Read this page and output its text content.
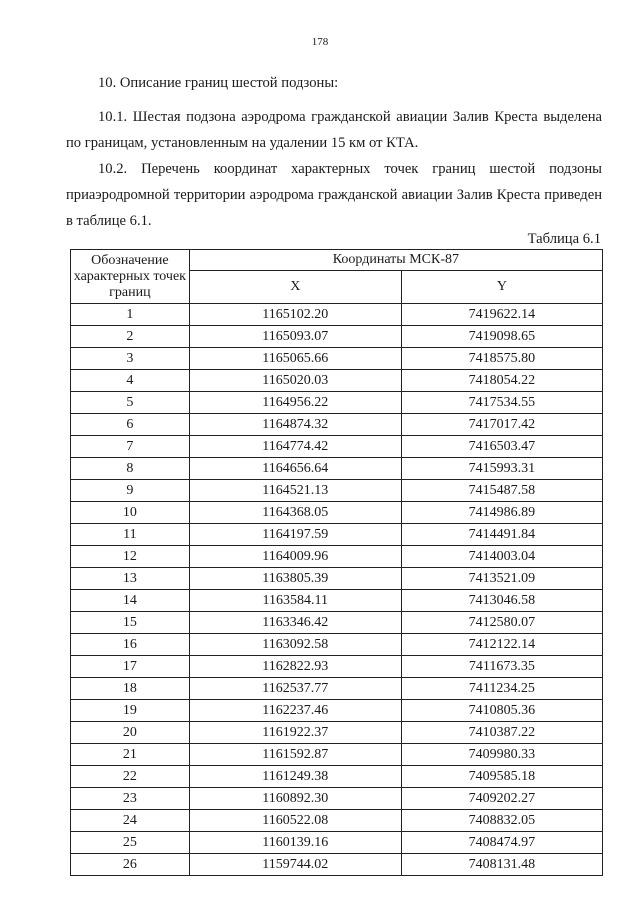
178
10. Описание границ шестой подзоны:
10.1. Шестая подзона аэродрома гражданской авиации Залив Креста выделена по границам, установленным на удалении 15 км от КТА.
10.2. Перечень координат характерных точек границ шестой подзоны приаэродромной территории аэродрома гражданской авиации Залив Креста приведен в таблице 6.1.
Таблица 6.1
Обозначение характерных точек границ	Координаты МСК-87	
	X	Y
1	1165102.20	7419622.14
2	1165093.07	7419098.65
3	1165065.66	7418575.80
4	1165020.03	7418054.22
5	1164956.22	7417534.55
6	1164874.32	7417017.42
7	1164774.42	7416503.47
8	1164656.64	7415993.31
9	1164521.13	7415487.58
10	1164368.05	7414986.89
11	1164197.59	7414491.84
12	1164009.96	7414003.04
13	1163805.39	7413521.09
14	1163584.11	7413046.58
15	1163346.42	7412580.07
16	1163092.58	7412122.14
17	1162822.93	7411673.35
18	1162537.77	7411234.25
19	1162237.46	7410805.36
20	1161922.37	7410387.22
21	1161592.87	7409980.33
22	1161249.38	7409585.18
23	1160892.30	7409202.27
24	1160522.08	7408832.05
25	1160139.16	7408474.97
26	1159744.02	7408131.48
